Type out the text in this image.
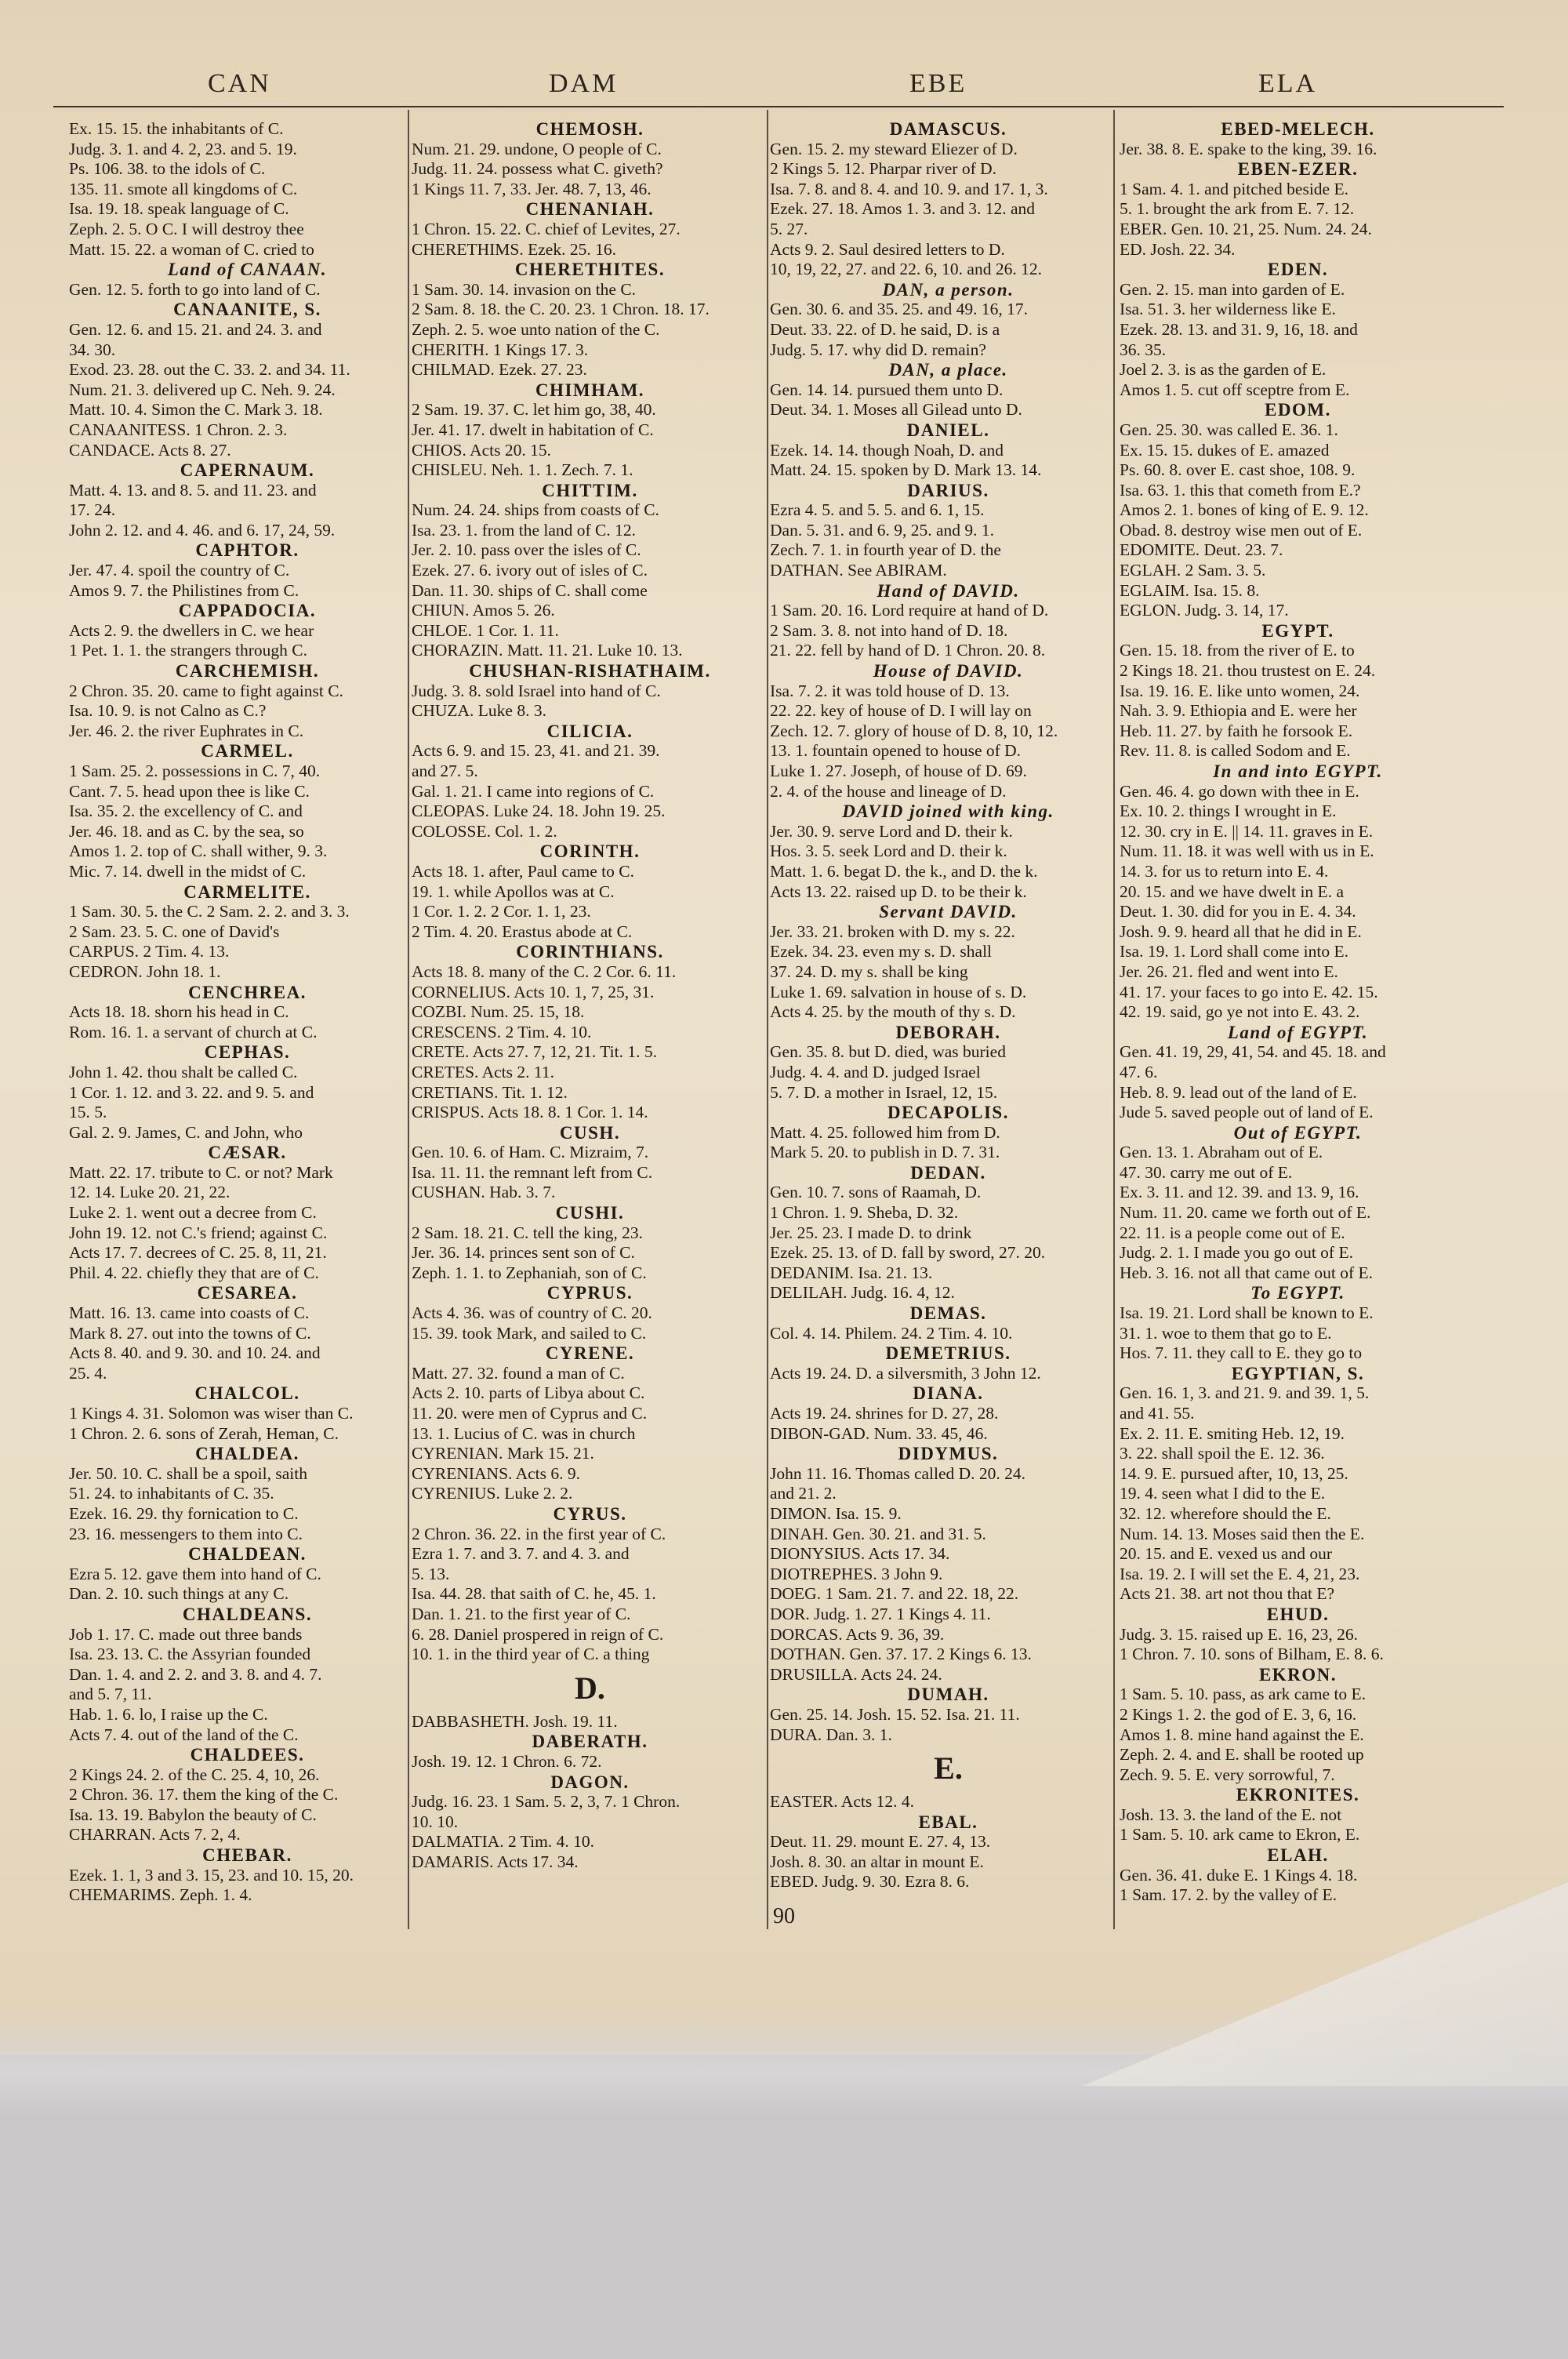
CAN	DAM	EBE	ELA
Ex. 15. 15. the inhabitants of C.
Judg. 3. 1. and 4. 2, 23. and 5. 19.
Ps. 106. 38. to the idols of C.
135. 11. smote all kingdoms of C.
Isa. 19. 18. speak language of C.
Zeph. 2. 5. O C. I will destroy thee
Matt. 15. 22. a woman of C. cried to
Land of CANAAN.
Gen. 12. 5. forth to go into land of C.
CANAANITE, S.
Gen. 12. 6. and 15. 21. and 24. 3. and
34. 30.
Exod. 23. 28. out the C. 33. 2. and 34. 11.
Num. 21. 3. delivered up C. Neh. 9. 24.
Matt. 10. 4. Simon the C. Mark 3. 18.
CANAANITESS. 1 Chron. 2. 3.
CANDACE. Acts 8. 27.
CAPERNAUM.
Matt. 4. 13. and 8. 5. and 11. 23. and
17. 24.
John 2. 12. and 4. 46. and 6. 17, 24, 59.
CAPHTOR.
Jer. 47. 4. spoil the country of C.
Amos 9. 7. the Philistines from C.
CAPPADOCIA.
Acts 2. 9. the dwellers in C. we hear
1 Pet. 1. 1. the strangers through C.
CARCHEMISH.
2 Chron. 35. 20. came to fight against C.
Isa. 10. 9. is not Calno as C.?
Jer. 46. 2. the river Euphrates in C.
CARMEL.
1 Sam. 25. 2. possessions in C. 7, 40.
Cant. 7. 5. head upon thee is like C.
Isa. 35. 2. the excellency of C. and
Jer. 46. 18. and as C. by the sea, so
Amos 1. 2. top of C. shall wither, 9. 3.
Mic. 7. 14. dwell in the midst of C.
CARMELITE.
1 Sam. 30. 5. the C. 2 Sam. 2. 2. and 3. 3.
2 Sam. 23. 5. C. one of David's
CARPUS. 2 Tim. 4. 13.
CEDRON. John 18. 1.
CENCHREA.
Acts 18. 18. shorn his head in C.
Rom. 16. 1. a servant of church at C.
CEPHAS.
John 1. 42. thou shalt be called C.
1 Cor. 1. 12. and 3. 22. and 9. 5. and
15. 5.
Gal. 2. 9. James, C. and John, who
CÆSAR.
Matt. 22. 17. tribute to C. or not? Mark
12. 14. Luke 20. 21, 22.
Luke 2. 1. went out a decree from C.
John 19. 12. not C.'s friend; against C.
Acts 17. 7. decrees of C. 25. 8, 11, 21.
Phil. 4. 22. chiefly they that are of C.
CESAREA.
Matt. 16. 13. came into coasts of C.
Mark 8. 27. out into the towns of C.
Acts 8. 40. and 9. 30. and 10. 24. and
25. 4.
CHALCOL.
1 Kings 4. 31. Solomon was wiser than C.
1 Chron. 2. 6. sons of Zerah, Heman, C.
CHALDEA.
Jer. 50. 10. C. shall be a spoil, saith
51. 24. to inhabitants of C. 35.
Ezek. 16. 29. thy fornication to C.
23. 16. messengers to them into C.
CHALDEAN.
Ezra 5. 12. gave them into hand of C.
Dan. 2. 10. such things at any C.
CHALDEANS.
Job 1. 17. C. made out three bands
Isa. 23. 13. C. the Assyrian founded
Dan. 1. 4. and 2. 2. and 3. 8. and 4. 7.
and 5. 7, 11.
Hab. 1. 6. lo, I raise up the C.
Acts 7. 4. out of the land of the C.
CHALDEES.
2 Kings 24. 2. of the C. 25. 4, 10, 26.
2 Chron. 36. 17. them the king of the C.
Isa. 13. 19. Babylon the beauty of C.
CHARRAN. Acts 7. 2, 4.
CHEBAR.
Ezek. 1. 1, 3 and 3. 15, 23. and 10. 15, 20.
CHEMARIMS. Zeph. 1. 4.
CHEMOSH.
Num. 21. 29. undone, O people of C.
Judg. 11. 24. possess what C. giveth?
1 Kings 11. 7, 33. Jer. 48. 7, 13, 46.
CHENANIAH.
1 Chron. 15. 22. C. chief of Levites, 27.
CHERETHIMS. Ezek. 25. 16.
CHERETHITES.
1 Sam. 30. 14. invasion on the C.
2 Sam. 8. 18. the C. 20. 23. 1 Chron. 18. 17.
Zeph. 2. 5. woe unto nation of the C.
CHERITH. 1 Kings 17. 3.
CHILMAD. Ezek. 27. 23.
CHIMHAM.
2 Sam. 19. 37. C. let him go, 38, 40.
Jer. 41. 17. dwelt in habitation of C.
CHIOS. Acts 20. 15.
CHISLEU. Neh. 1. 1. Zech. 7. 1.
CHITTIM.
Num. 24. 24. ships from coasts of C.
Isa. 23. 1. from the land of C. 12.
Jer. 2. 10. pass over the isles of C.
Ezek. 27. 6. ivory out of isles of C.
Dan. 11. 30. ships of C. shall come
CHIUN. Amos 5. 26.
CHLOE. 1 Cor. 1. 11.
CHORAZIN. Matt. 11. 21. Luke 10. 13.
CHUSHAN-RISHATHAIM.
Judg. 3. 8. sold Israel into hand of C.
CHUZA. Luke 8. 3.
CILICIA.
Acts 6. 9. and 15. 23, 41. and 21. 39.
and 27. 5.
Gal. 1. 21. I came into regions of C.
CLEOPAS. Luke 24. 18. John 19. 25.
COLOSSE. Col. 1. 2.
CORINTH.
Acts 18. 1. after, Paul came to C.
19. 1. while Apollos was at C.
1 Cor. 1. 2. 2 Cor. 1. 1, 23.
2 Tim. 4. 20. Erastus abode at C.
CORINTHIANS.
Acts 18. 8. many of the C. 2 Cor. 6. 11.
CORNELIUS. Acts 10. 1, 7, 25, 31.
COZBI. Num. 25. 15, 18.
CRESCENS. 2 Tim. 4. 10.
CRETE. Acts 27. 7, 12, 21. Tit. 1. 5.
CRETES. Acts 2. 11.
CRETIANS. Tit. 1. 12.
CRISPUS. Acts 18. 8. 1 Cor. 1. 14.
CUSH.
Gen. 10. 6. of Ham. C. Mizraim, 7.
Isa. 11. 11. the remnant left from C.
CUSHAN. Hab. 3. 7.
CUSHI.
2 Sam. 18. 21. C. tell the king, 23.
Jer. 36. 14. princes sent son of C.
Zeph. 1. 1. to Zephaniah, son of C.
CYPRUS.
Acts 4. 36. was of country of C. 20.
15. 39. took Mark, and sailed to C.
CYRENE.
Matt. 27. 32. found a man of C.
Acts 2. 10. parts of Libya about C.
11. 20. were men of Cyprus and C.
13. 1. Lucius of C. was in church
CYRENIAN. Mark 15. 21.
CYRENIANS. Acts 6. 9.
CYRENIUS. Luke 2. 2.
CYRUS.
2 Chron. 36. 22. in the first year of C.
Ezra 1. 7. and 3. 7. and 4. 3. and
5. 13.
Isa. 44. 28. that saith of C. he, 45. 1.
Dan. 1. 21. to the first year of C.
6. 28. Daniel prospered in reign of C.
10. 1. in the third year of C. a thing
D.
DABBASHETH. Josh. 19. 11.
DABERATH.
Josh. 19. 12. 1 Chron. 6. 72.
DAGON.
Judg. 16. 23. 1 Sam. 5. 2, 3, 7. 1 Chron.
10. 10.
DALMATIA. 2 Tim. 4. 10.
DAMARIS. Acts 17. 34.
DAMASCUS.
Gen. 15. 2. my steward Eliezer of D.
2 Kings 5. 12. Pharpar river of D.
Isa. 7. 8. and 8. 4. and 10. 9. and 17. 1, 3.
Ezek. 27. 18. Amos 1. 3. and 3. 12. and
5. 27.
Acts 9. 2. Saul desired letters to D.
10, 19, 22, 27. and 22. 6, 10. and 26. 12.
DAN, a person.
Gen. 30. 6. and 35. 25. and 49. 16, 17.
Deut. 33. 22. of D. he said, D. is a
Judg. 5. 17. why did D. remain?
DAN, a place.
Gen. 14. 14. pursued them unto D.
Deut. 34. 1. Moses all Gilead unto D.
DANIEL.
Ezek. 14. 14. though Noah, D. and
Matt. 24. 15. spoken by D. Mark 13. 14.
DARIUS.
Ezra 4. 5. and 5. 5. and 6. 1, 15.
Dan. 5. 31. and 6. 9, 25. and 9. 1.
Zech. 7. 1. in fourth year of D. the
DATHAN. See ABIRAM.
Hand of DAVID.
1 Sam. 20. 16. Lord require at hand of D.
2 Sam. 3. 8. not into hand of D. 18.
21. 22. fell by hand of D. 1 Chron. 20. 8.
House of DAVID.
Isa. 7. 2. it was told house of D. 13.
22. 22. key of house of D. I will lay on
Zech. 12. 7. glory of house of D. 8, 10, 12.
13. 1. fountain opened to house of D.
Luke 1. 27. Joseph, of house of D. 69.
2. 4. of the house and lineage of D.
DAVID joined with king.
Jer. 30. 9. serve Lord and D. their k.
Hos. 3. 5. seek Lord and D. their k.
Matt. 1. 6. begat D. the k., and D. the k.
Acts 13. 22. raised up D. to be their k.
Servant DAVID.
Jer. 33. 21. broken with D. my s. 22.
Ezek. 34. 23. even my s. D. shall
37. 24. D. my s. shall be king
Luke 1. 69. salvation in house of s. D.
Acts 4. 25. by the mouth of thy s. D.
DEBORAH.
Gen. 35. 8. but D. died, was buried
Judg. 4. 4. and D. judged Israel
5. 7. D. a mother in Israel, 12, 15.
DECAPOLIS.
Matt. 4. 25. followed him from D.
Mark 5. 20. to publish in D. 7. 31.
DEDAN.
Gen. 10. 7. sons of Raamah, D.
1 Chron. 1. 9. Sheba, D. 32.
Jer. 25. 23. I made D. to drink
Ezek. 25. 13. of D. fall by sword, 27. 20.
DEDANIM. Isa. 21. 13.
DELILAH. Judg. 16. 4, 12.
DEMAS.
Col. 4. 14. Philem. 24. 2 Tim. 4. 10.
DEMETRIUS.
Acts 19. 24. D. a silversmith, 3 John 12.
DIANA.
Acts 19. 24. shrines for D. 27, 28.
DIBON-GAD. Num. 33. 45, 46.
DIDYMUS.
John 11. 16. Thomas called D. 20. 24.
and 21. 2.
DIMON. Isa. 15. 9.
DINAH. Gen. 30. 21. and 31. 5.
DIONYSIUS. Acts 17. 34.
DIOTREPHES. 3 John 9.
DOEG. 1 Sam. 21. 7. and 22. 18, 22.
DOR. Judg. 1. 27. 1 Kings 4. 11.
DORCAS. Acts 9. 36, 39.
DOTHAN. Gen. 37. 17. 2 Kings 6. 13.
DRUSILLA. Acts 24. 24.
DUMAH.
Gen. 25. 14. Josh. 15. 52. Isa. 21. 11.
DURA. Dan. 3. 1.
E.
EASTER. Acts 12. 4.
EBAL.
Deut. 11. 29. mount E. 27. 4, 13.
Josh. 8. 30. an altar in mount E.
EBED. Judg. 9. 30. Ezra 8. 6.
EBED-MELECH.
Jer. 38. 8. E. spake to the king, 39. 16.
EBEN-EZER.
1 Sam. 4. 1. and pitched beside E.
5. 1. brought the ark from E. 7. 12.
EBER. Gen. 10. 21, 25. Num. 24. 24.
ED. Josh. 22. 34.
EDEN.
Gen. 2. 15. man into garden of E.
Isa. 51. 3. her wilderness like E.
Ezek. 28. 13. and 31. 9, 16, 18. and
36. 35.
Joel 2. 3. is as the garden of E.
Amos 1. 5. cut off sceptre from E.
EDOM.
Gen. 25. 30. was called E. 36. 1.
Ex. 15. 15. dukes of E. amazed
Ps. 60. 8. over E. cast shoe, 108. 9.
Isa. 63. 1. this that cometh from E.?
Amos 2. 1. bones of king of E. 9. 12.
Obad. 8. destroy wise men out of E.
EDOMITE. Deut. 23. 7.
EGLAH. 2 Sam. 3. 5.
EGLAIM. Isa. 15. 8.
EGLON. Judg. 3. 14, 17.
EGYPT.
Gen. 15. 18. from the river of E. to
2 Kings 18. 21. thou trustest on E. 24.
Isa. 19. 16. E. like unto women, 24.
Nah. 3. 9. Ethiopia and E. were her
Heb. 11. 27. by faith he forsook E.
Rev. 11. 8. is called Sodom and E.
In and into EGYPT.
Gen. 46. 4. go down with thee in E.
Ex. 10. 2. things I wrought in E.
12. 30. cry in E. || 14. 11. graves in E.
Num. 11. 18. it was well with us in E.
14. 3. for us to return into E. 4.
20. 15. and we have dwelt in E. a
Deut. 1. 30. did for you in E. 4. 34.
Josh. 9. 9. heard all that he did in E.
Isa. 19. 1. Lord shall come into E.
Jer. 26. 21. fled and went into E.
41. 17. your faces to go into E. 42. 15.
42. 19. said, go ye not into E. 43. 2.
Land of EGYPT.
Gen. 41. 19, 29, 41, 54. and 45. 18. and
47. 6.
Heb. 8. 9. lead out of the land of E.
Jude 5. saved people out of land of E.
Out of EGYPT.
Gen. 13. 1. Abraham out of E.
47. 30. carry me out of E.
Ex. 3. 11. and 12. 39. and 13. 9, 16.
Num. 11. 20. came we forth out of E.
22. 11. is a people come out of E.
Judg. 2. 1. I made you go out of E.
Heb. 3. 16. not all that came out of E.
To EGYPT.
Isa. 19. 21. Lord shall be known to E.
31. 1. woe to them that go to E.
Hos. 7. 11. they call to E. they go to
EGYPTIAN, S.
Gen. 16. 1, 3. and 21. 9. and 39. 1, 5.
and 41. 55.
Ex. 2. 11. E. smiting Heb. 12, 19.
3. 22. shall spoil the E. 12. 36.
14. 9. E. pursued after, 10, 13, 25.
19. 4. seen what I did to the E.
32. 12. wherefore should the E.
Num. 14. 13. Moses said then the E.
20. 15. and E. vexed us and our
Isa. 19. 2. I will set the E. 4, 21, 23.
Acts 21. 38. art not thou that E?
EHUD.
Judg. 3. 15. raised up E. 16, 23, 26.
1 Chron. 7. 10. sons of Bilham, E. 8. 6.
EKRON.
1 Sam. 5. 10. pass, as ark came to E.
2 Kings 1. 2. the god of E. 3, 6, 16.
Amos 1. 8. mine hand against the E.
Zeph. 2. 4. and E. shall be rooted up
Zech. 9. 5. E. very sorrowful, 7.
EKRONITES.
Josh. 13. 3. the land of the E. not
1 Sam. 5. 10. ark came to Ekron, E.
ELAH.
Gen. 36. 41. duke E. 1 Kings 4. 18.
1 Sam. 17. 2. by the valley of E.
90
